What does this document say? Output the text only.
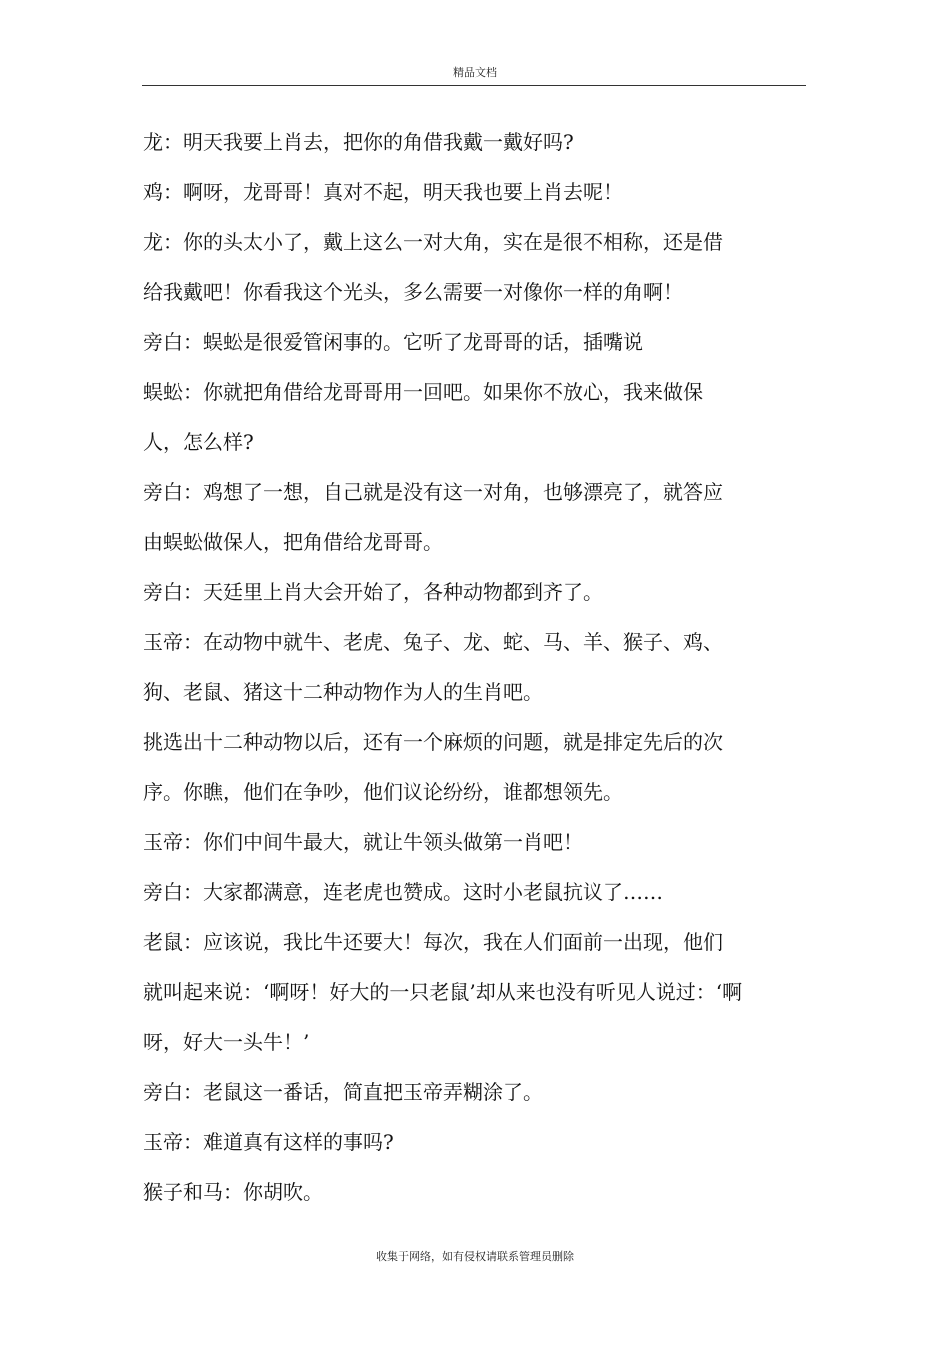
精品文档
龙：明天我要上肖去，把你的角借我戴一戴好吗?
鸡：啊呀，龙哥哥！真对不起，明天我也要上肖去呢！
龙：你的头太小了，戴上这么一对大角，实在是很不相称，还是借
给我戴吧！你看我这个光头，多么需要一对像你一样的角啊！
旁白：蜈蚣是很爱管闲事的。它听了龙哥哥的话，插嘴说
蜈蚣：你就把角借给龙哥哥用一回吧。如果你不放心，我来做保
人，怎么样?
旁白：鸡想了一想，自己就是没有这一对角，也够漂亮了，就答应
由蜈蚣做保人，把角借给龙哥哥。
旁白：天廷里上肖大会开始了，各种动物都到齐了。
玉帝：在动物中就牛、老虎、兔子、龙、蛇、马、羊、猴子、鸡、
狗、老鼠、猪这十二种动物作为人的生肖吧。
挑选出十二种动物以后，还有一个麻烦的问题，就是排定先后的次
序。你瞧，他们在争吵，他们议论纷纷，谁都想领先。
玉帝：你们中间牛最大，就让牛领头做第一肖吧！
旁白：大家都满意，连老虎也赞成。这时小老鼠抗议了……
老鼠：应该说，我比牛还要大！每次，我在人们面前一出现，他们
就叫起来说：‘啊呀！好大的一只老鼠’却从来也没有听见人说过：‘啊
呀，好大一头牛！’
旁白：老鼠这一番话，简直把玉帝弄糊涂了。
玉帝：难道真有这样的事吗?
猴子和马：你胡吹。
收集于网络，如有侵权请联系管理员删除
